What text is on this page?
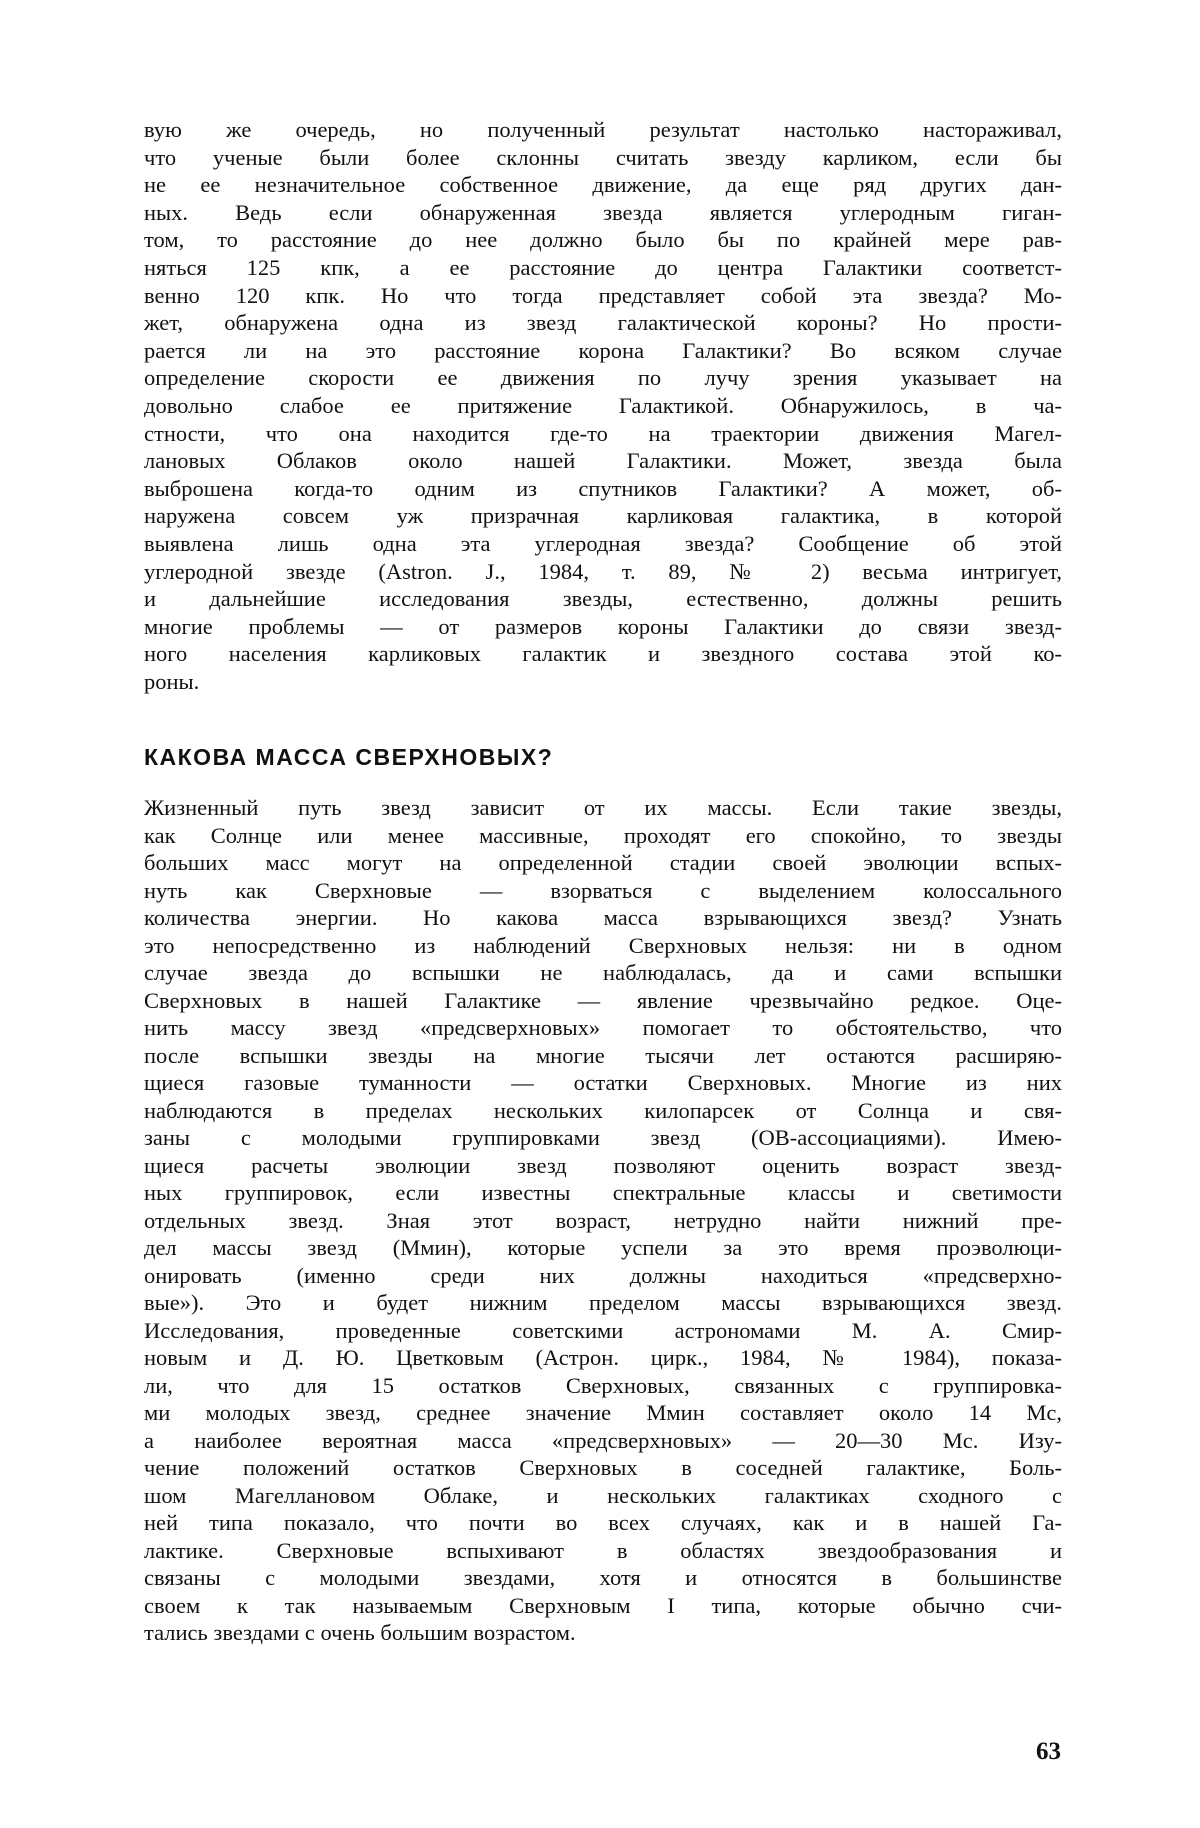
вую же очередь, но полученный результат настолько настораживал,
что ученые были более склонны считать звезду карликом, если бы
не ее незначительное собственное движение, да еще ряд других дан-
ных. Ведь если обнаруженная звезда является углеродным гиган-
том, то расстояние до нее должно было бы по крайней мере рав-
няться 125 кпк, а ее расстояние до центра Галактики соответст-
венно 120 кпк. Но что тогда представляет собой эта звезда? Мо-
жет, обнаружена одна из звезд галактической короны? Но прости-
рается ли на это расстояние корона Галактики? Во всяком случае
определение скорости ее движения по лучу зрения указывает на
довольно слабое ее притяжение Галактикой. Обнаружилось, в ча-
стности, что она находится где-то на траектории движения Магел-
лановых Облаков около нашей Галактики. Может, звезда была
выброшена когда-то одним из спутников Галактики? А может, об-
наружена совсем уж призрачная карликовая галактика, в которой
выявлена лишь одна эта углеродная звезда? Сообщение об этой
углеродной звезде (Astron. J., 1984, т. 89, № 2) весьма интригует,
и дальнейшие исследования звезды, естественно, должны решить
многие проблемы — от размеров короны Галактики до связи звезд-
ного населения карликовых галактик и звездного состава этой ко-
роны.

КАКОВА МАССА СВЕРХНОВЫХ?

Жизненный путь звезд зависит от их массы. Если такие звезды,
как Солнце или менее массивные, проходят его спокойно, то звезды
больших масс могут на определенной стадии своей эволюции вспых-
нуть как Сверхновые — взорваться с выделением колоссального
количества энергии. Но какова масса взрывающихся звезд? Узнать
это непосредственно из наблюдений Сверхновых нельзя: ни в одном
случае звезда до вспышки не наблюдалась, да и сами вспышки
Сверхновых в нашей Галактике — явление чрезвычайно редкое. Оце-
нить массу звезд «предсверхновых» помогает то обстоятельство, что
после вспышки звезды на многие тысячи лет остаются расширяю-
щиеся газовые туманности — остатки Сверхновых. Многие из них
наблюдаются в пределах нескольких килопарсек от Солнца и свя-
заны с молодыми группировками звезд (ОВ-ассоциациями). Имею-
щиеся расчеты эволюции звезд позволяют оценить возраст звезд-
ных группировок, если известны спектральные классы и светимости
отдельных звезд. Зная этот возраст, нетрудно найти нижний пре-
дел массы звезд (Mмин), которые успели за это время проэволюци-
онировать (именно среди них должны находиться «предсверхно-
вые»). Это и будет нижним пределом массы взрывающихся звезд.
Исследования, проведенные советскими астрономами М. А. Смир-
новым и Д. Ю. Цветковым (Астрон. цирк., 1984, № 1984), показа-
ли, что для 15 остатков Сверхновых, связанных с группировка-
ми молодых звезд, среднее значение Mмин составляет около 14 Mс,
а наиболее вероятная масса «предсверхновых» — 20—30 Mс. Изу-
чение положений остатков Сверхновых в соседней галактике, Боль-
шом Магеллановом Облаке, и нескольких галактиках сходного с
ней типа показало, что почти во всех случаях, как и в нашей Га-
лактике. Сверхновые вспыхивают в областях звездообразования и
связаны с молодыми звездами, хотя и относятся в большинстве
своем к так называемым Сверхновым I типа, которые обычно счи-
тались звездами с очень большим возрастом.

63
